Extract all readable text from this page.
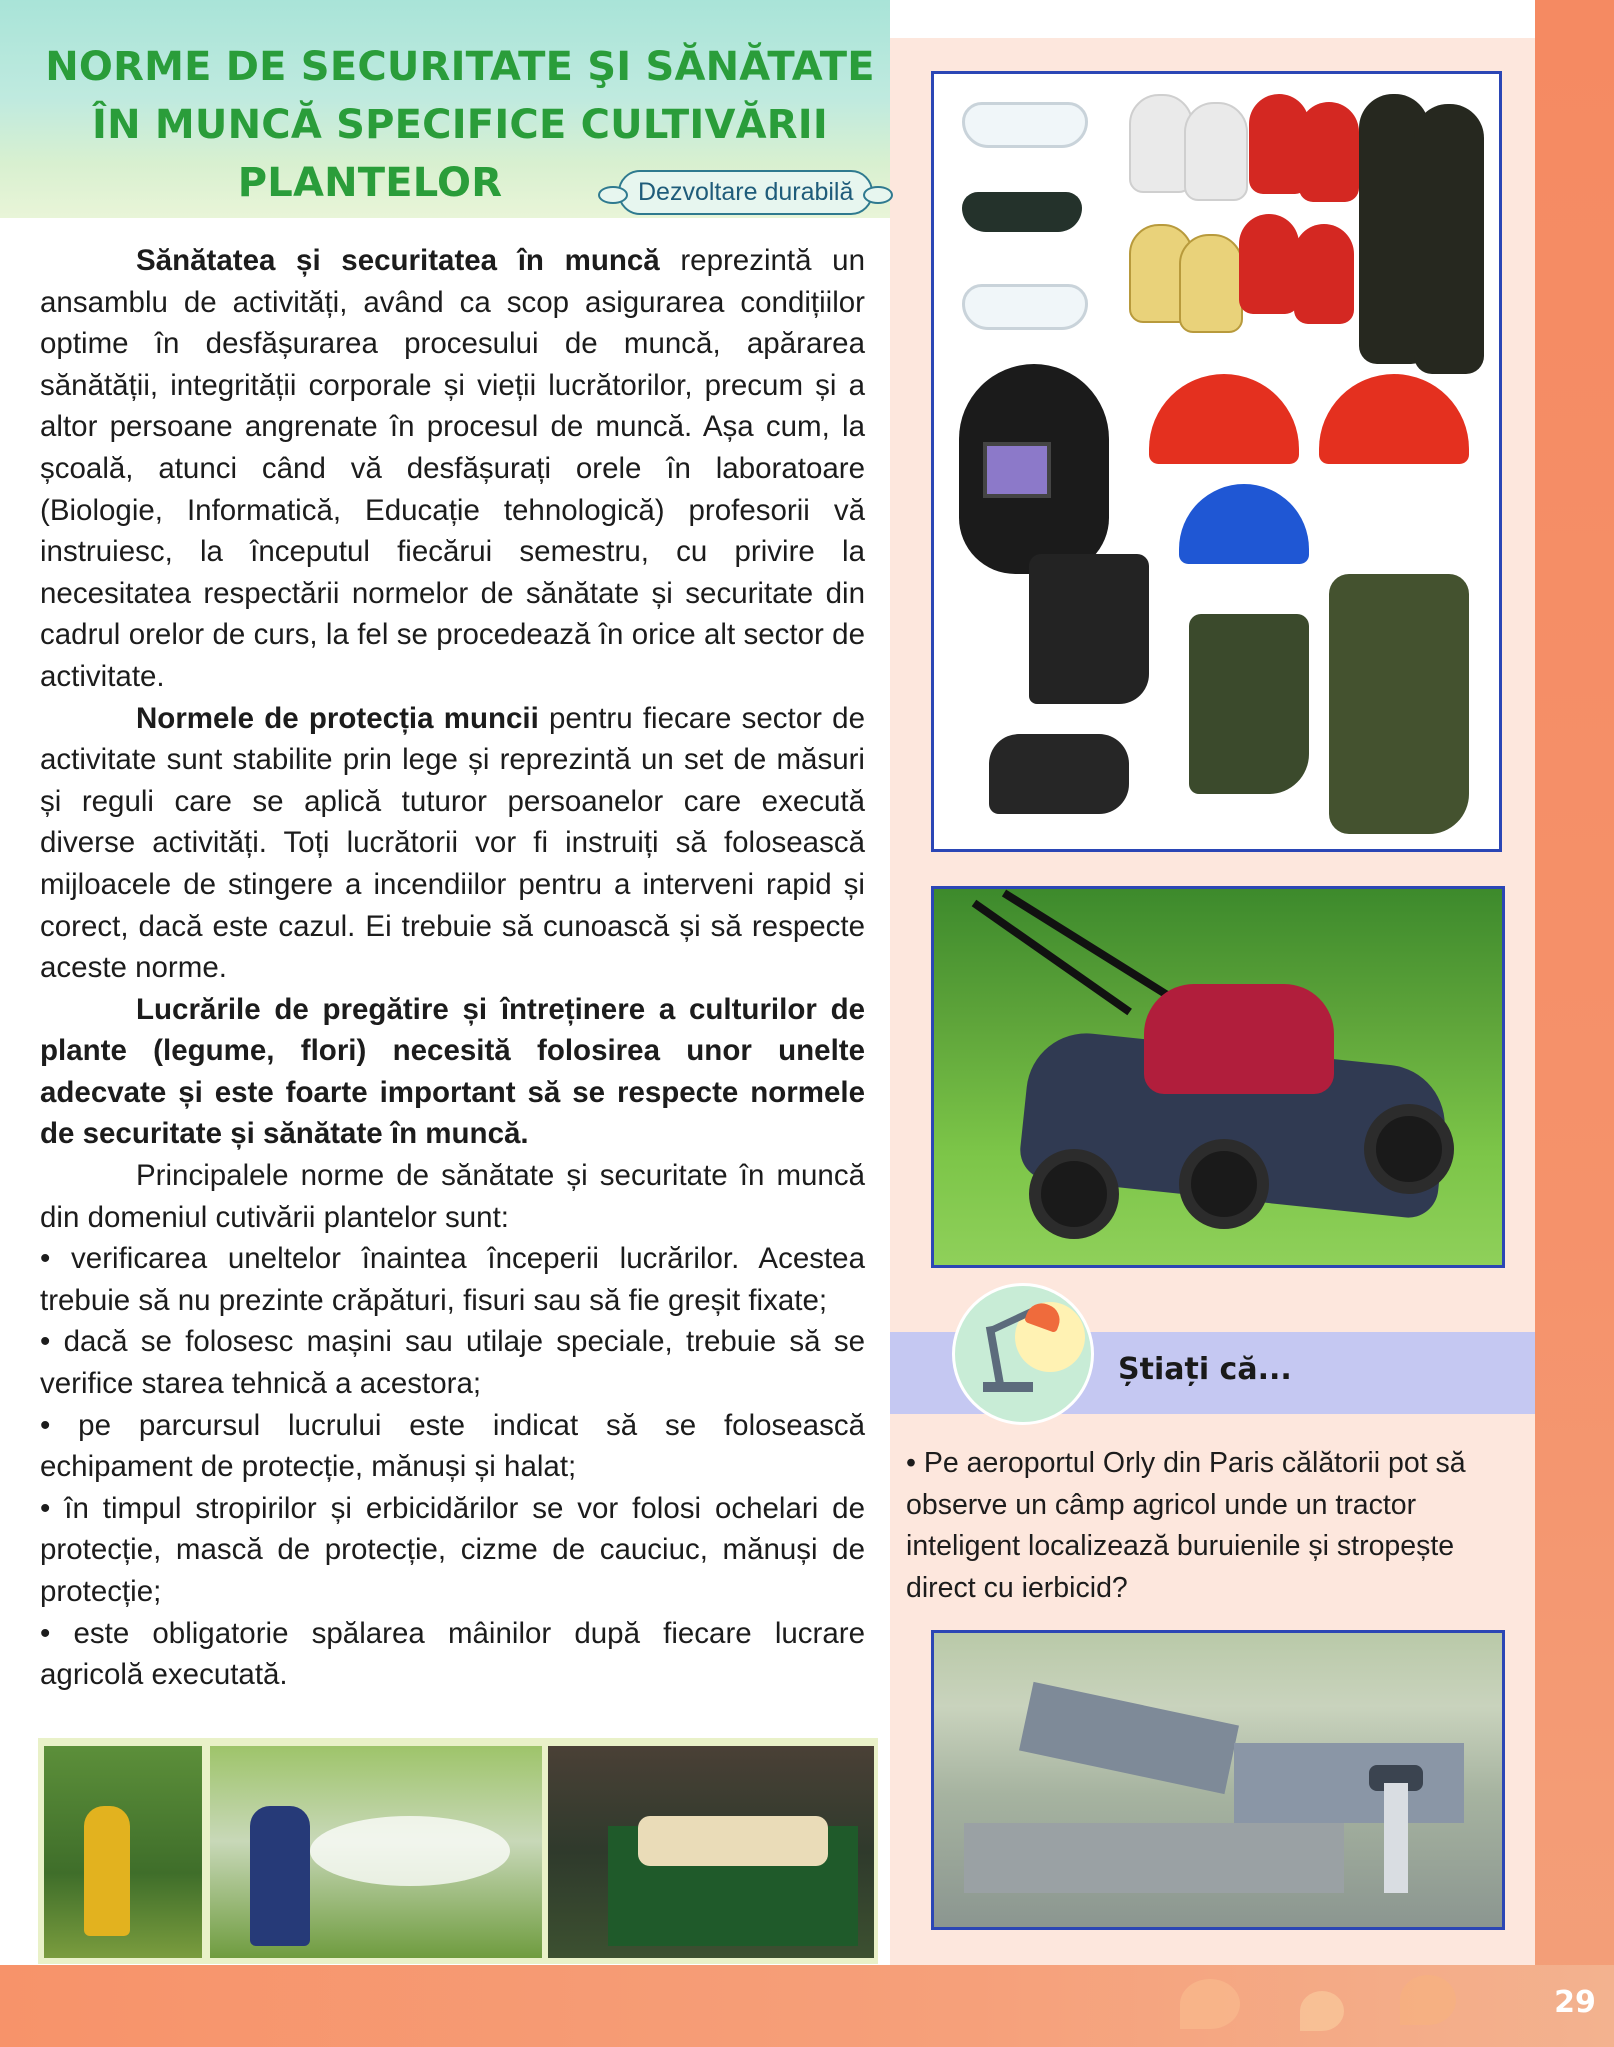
29
NORME DE SECURITATE ŞI SĂNĂTATE
ÎN MUNCĂ SPECIFICE CULTIVĂRII
PLANTELOR	Dezvoltare durabilă

Sănătatea și securitatea în muncă reprezintă un ansamblu de activități, având ca scop asigurarea condițiilor optime în desfășurarea procesului de muncă, apărarea sănătății, integrității corporale și vieții lucrătorilor, precum și a altor persoane angrenate în procesul de muncă. Așa cum, la școală, atunci când vă desfășurați orele în laboratoare (Biologie, Informatică, Educație tehnologică) profesorii vă instruiesc, la începutul fiecărui semestru, cu privire la necesitatea respectării normelor de sănătate și securitate din cadrul orelor de curs, la fel se procedează în orice alt sector de activitate.

Normele de protecția muncii pentru fiecare sector de activitate sunt stabilite prin lege și reprezintă un set de măsuri și reguli care se aplică tuturor persoanelor care execută diverse activități. Toți lucrătorii vor fi instruiți să folosească mijloacele de stingere a incendiilor pentru a interveni rapid și corect, dacă este cazul. Ei trebuie să cunoască și să respecte aceste norme.

Lucrările de pregătire și întreținere a culturilor de plante (legume, flori) necesită folosirea unor unelte adecvate și este foarte important să se respecte normele de securitate și sănătate în muncă.

Principalele norme de sănătate și securitate în muncă din domeniul cutivării plantelor sunt:

• verificarea uneltelor înaintea începerii lucrărilor. Acestea trebuie să nu prezinte crăpături, fisuri sau să fie greșit fixate;

• dacă se folosesc mașini sau utilaje speciale, trebuie să se verifice starea tehnică a acestora;

• pe parcursul lucrului este indicat să se folosească echipament de protecție, mănuși și halat;

• în timpul stropirilor și erbicidărilor se vor folosi ochelari de protecție, mască de protecție, cizme de cauciuc, mănuși de protecție;

• este obligatorie spălarea mâinilor după fiecare lucrare agricolă executată.

Știați că...
• Pe aeroportul Orly din Paris călătorii pot să observe un câmp agricol unde un tractor inteligent localizează buruienile și stropește direct cu ierbicid?
